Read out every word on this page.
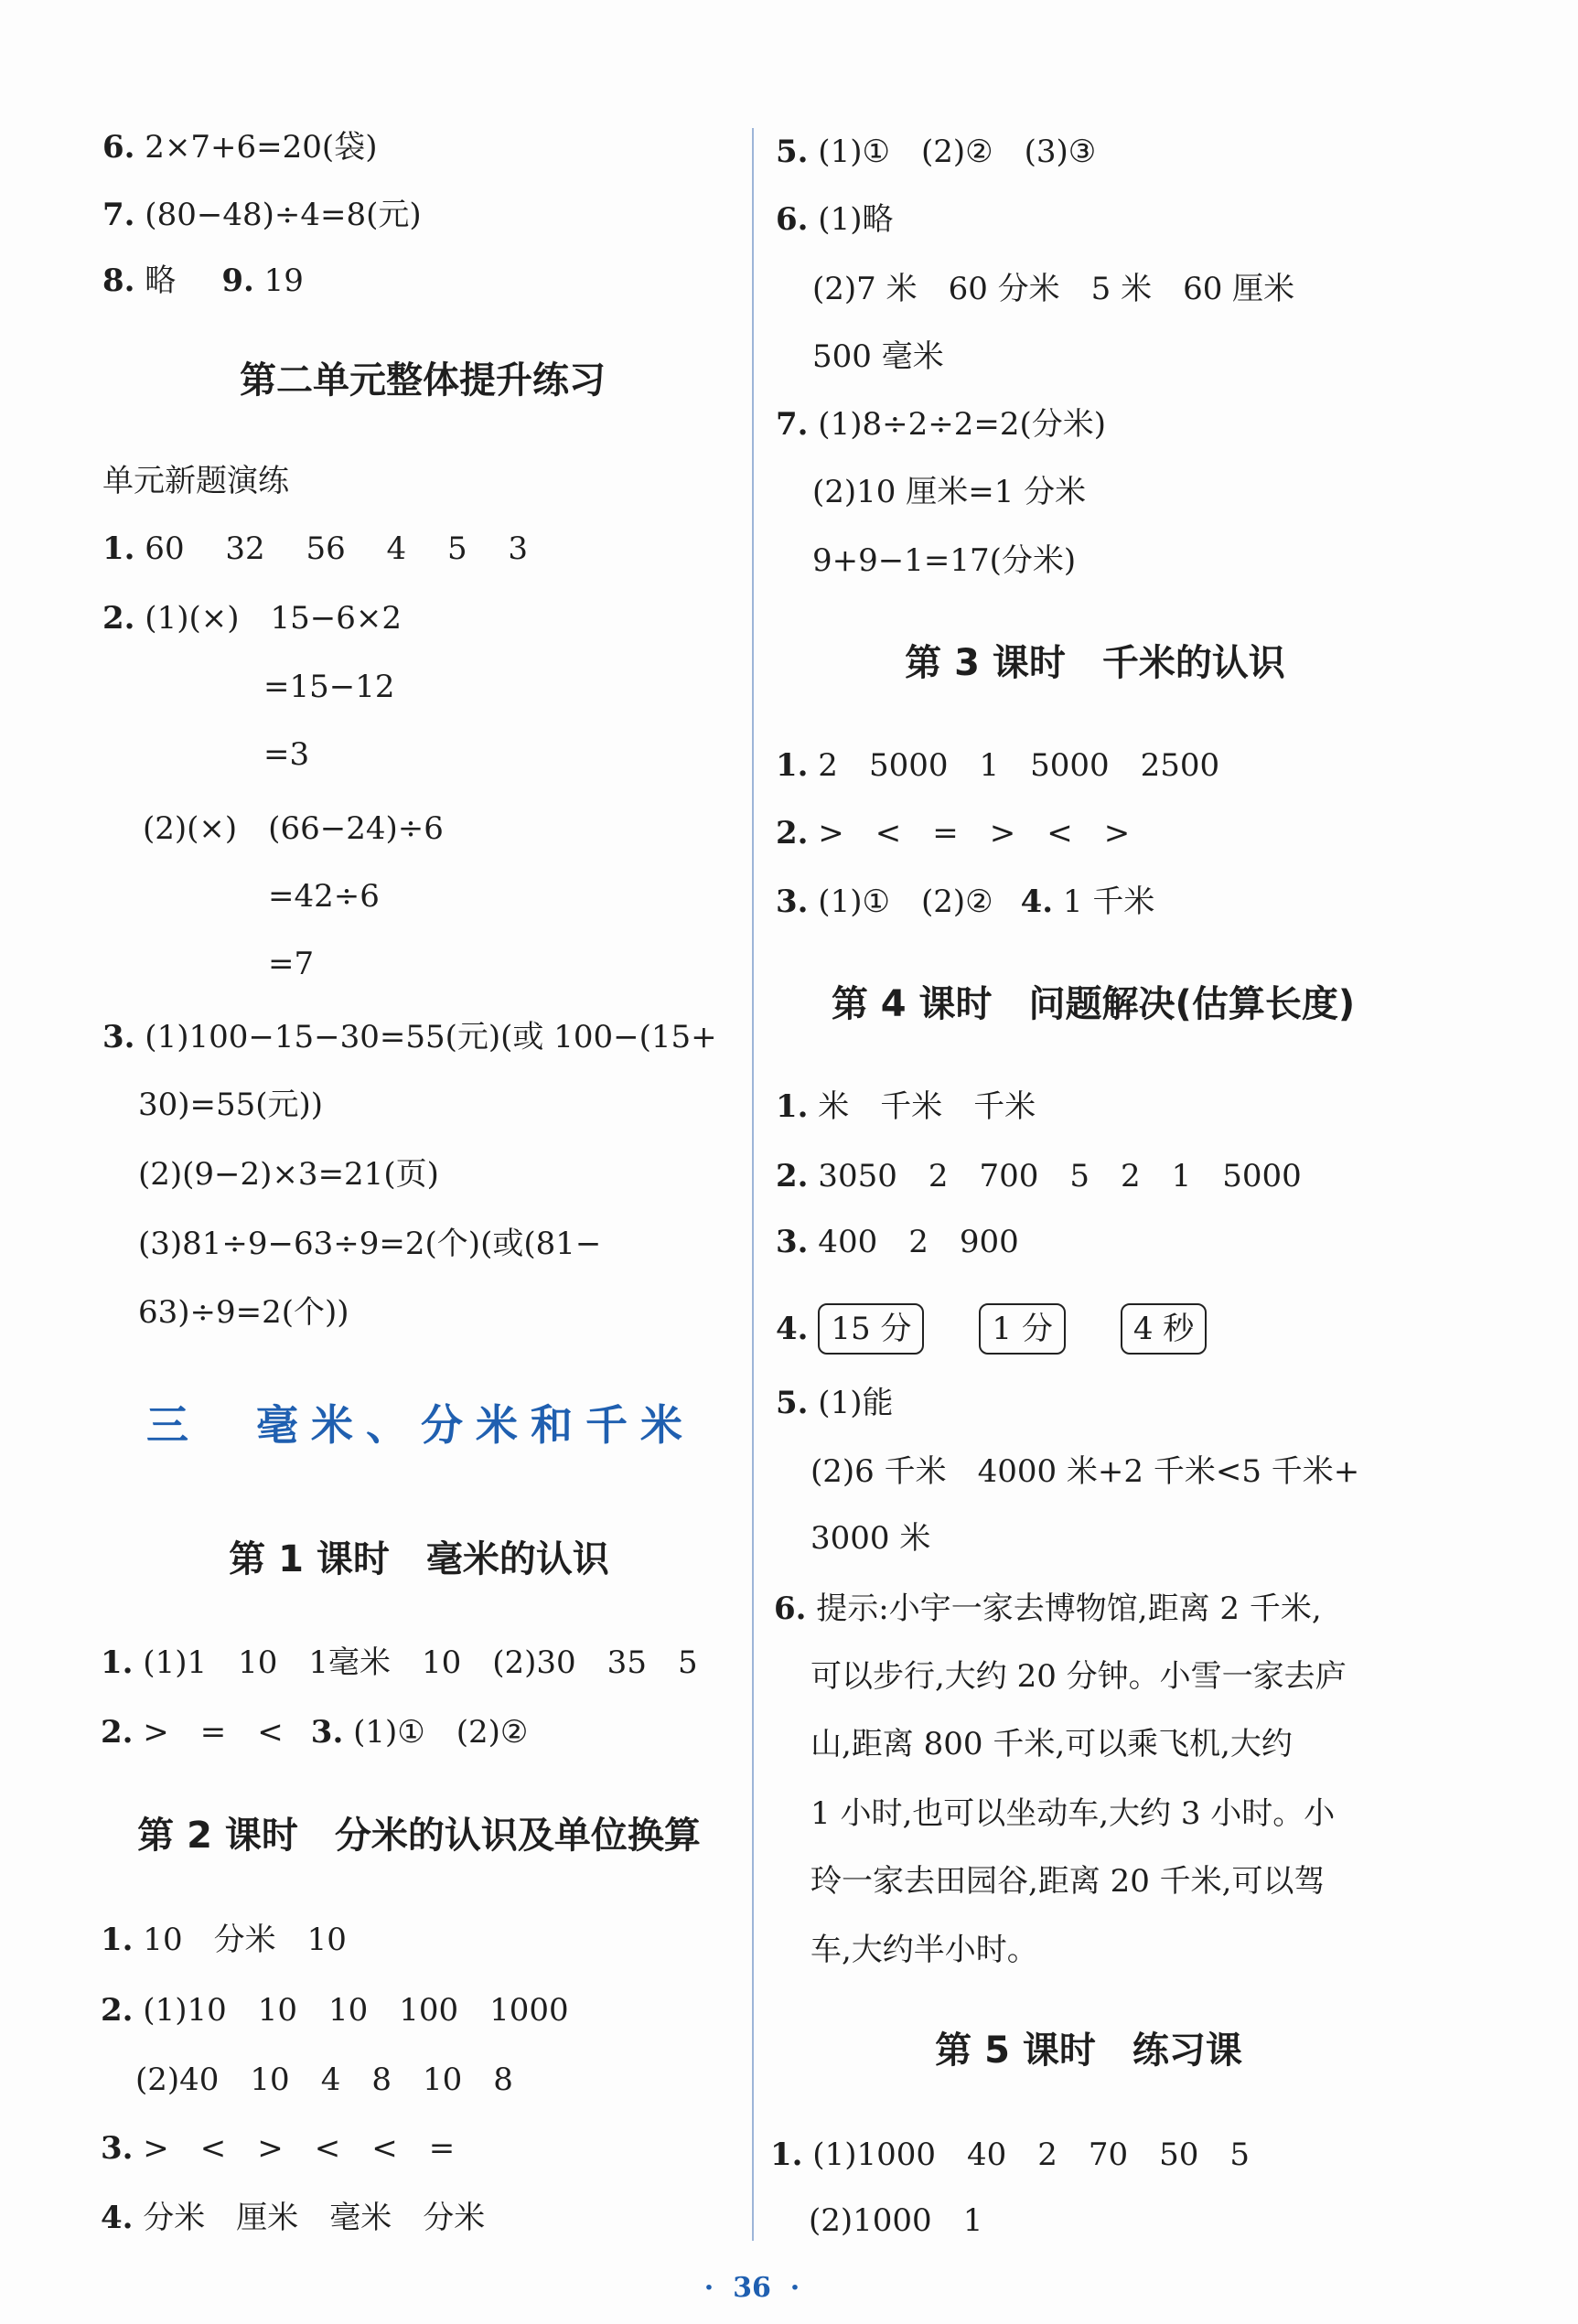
6. 2×7+6=20(袋)
7. (80−48)÷4=8(元)
8. 略 9. 19
第二单元整体提升练习
单元新题演练
1. 60　 32　 56　 4　 5　 3
2. (1)(×)　15−6×2
=15−12
=3
(2)(×)　(66−24)÷6
=42÷6
=7
3. (1)100−15−30=55(元)(或 100−(15+
30)=55(元))
(2)(9−2)×3=21(页)
(3)81÷9−63÷9=2(个)(或(81−
63)÷9=2(个))
三　毫米、分米和千米
第 1 课时　毫米的认识
1. (1)1　10　1毫米　10　(2)30　35　5
2. >　=　< 3. (1)①　(2)②
第 2 课时　分米的认识及单位换算
1. 10　分米　10
2. (1)10　10　10　100　1000
(2)40　10　4　8　10　8
3. >　<　>　<　<　=
4. 分米　厘米　毫米　分米
5. (1)①　(2)②　(3)③
6. (1)略
(2)7 米　60 分米　5 米　60 厘米
500 毫米
7. (1)8÷2÷2=2(分米)
(2)10 厘米=1 分米
9+9−1=17(分米)
第 3 课时　千米的认识
1. 2　5000　1　5000　2500
2. >　<　=　>　<　>
3. (1)①　(2)② 4. 1 千米
第 4 课时　问题解决(估算长度)
1. 米　千米　千米
2. 3050　2　700　5　2　1　5000
3. 400　2　900
4. 15 分	1 分	4 秒
5. (1)能
(2)6 千米　4000 米+2 千米<5 千米+
3000 米
6. 提示:小宇一家去博物馆,距离 2 千米,
可以步行,大约 20 分钟。小雪一家去庐
山,距离 800 千米,可以乘飞机,大约
1 小时,也可以坐动车,大约 3 小时。小
玲一家去田园谷,距离 20 千米,可以驾
车,大约半小时。
第 5 课时　练习课
1. (1)1000　40　2　70　50　5
(2)1000　1
·  36  ·
